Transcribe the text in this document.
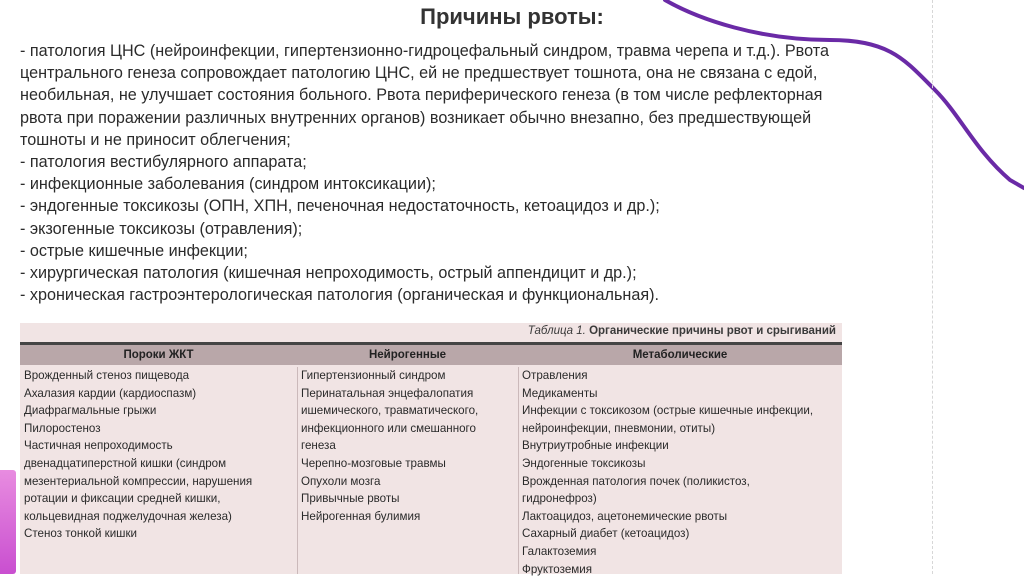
Причины рвоты:

- патология ЦНС (нейроинфекции, гипертензионно-гидроцефальный синдром, травма черепа и т.д.). Рвота

центрального генеза сопровождает патологию ЦНС, ей не предшествует тошнота, она не связана с едой,

необильная, не улучшает состояния больного. Рвота периферического генеза (в том числе рефлекторная

рвота при поражении различных внутренних органов) возникает обычно внезапно, без предшествующей

тошноты и не приносит облегчения;

- патология вестибулярного аппарата;

- инфекционные заболевания (синдром интоксикации);

- эндогенные токсикозы (ОПН, ХПН, печеночная недостаточность, кетоацидоз и др.);

- экзогенные токсикозы (отравления);

- острые кишечные инфекции;

- хирургическая патология (кишечная непроходимость, острый аппендицит и др.);

- хроническая гастроэнтерологическая патология (органическая и функциональная).

Таблица 1. Органические причины рвот и срыгиваний
Пороки ЖКТ	Нейрогенные	Метаболические
Врожденный стеноз пищевода
Ахалазия кардии (кардиоспазм)
Диафрагмальные грыжи
Пилоростеноз
Частичная непроходимость
двенадцатиперстной кишки (синдром
мезентериальной компрессии, нарушения
ротации и фиксации средней кишки,
кольцевидная поджелудочная железа)
Стеноз тонкой кишки
Гипертензионный синдром
Перинатальная энцефалопатия
ишемического, травматического,
инфекционного или смешанного
генеза
Черепно-мозговые травмы
Опухоли мозга
Привычные рвоты
Нейрогенная булимия
Отравления
Медикаменты
Инфекции с токсикозом (острые кишечные инфекции,
нейроинфекции, пневмонии, отиты)
Внутриутробные инфекции
Эндогенные токсикозы
Врожденная патология почек (поликистоз,
гидронефроз)
Лактоацидоз, ацетонемические рвоты
Сахарный диабет (кетоацидоз)
Галактоземия
Фруктоземия
